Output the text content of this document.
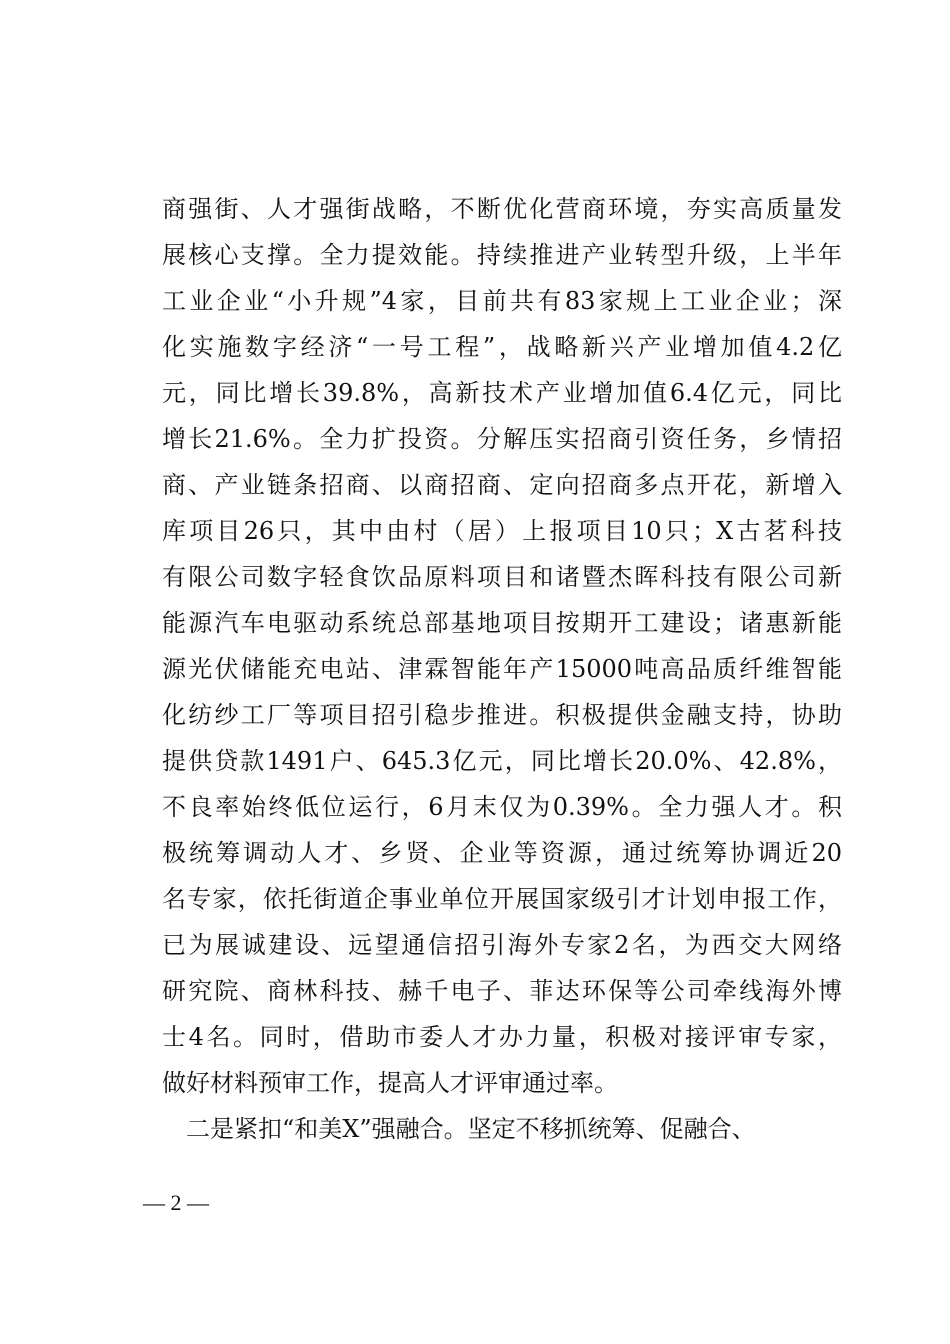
商强街、人才强街战略，不断优化营商环境，夯实高质量发
展核心支撑。全力提效能。持续推进产业转型升级，上半年
工业企业“小升规”4家，目前共有83家规上工业企业；深
化实施数字经济“一号工程”，战略新兴产业增加值4.2亿
元，同比增长39.8%，高新技术产业增加值6.4亿元，同比
增长21.6%。全力扩投资。分解压实招商引资任务，乡情招
商、产业链条招商、以商招商、定向招商多点开花，新增入
库项目26只，其中由村（居）上报项目10只；X古茗科技
有限公司数字轻食饮品原料项目和诸暨杰晖科技有限公司新
能源汽车电驱动系统总部基地项目按期开工建设；诸惠新能
源光伏储能充电站、津霖智能年产15000吨高品质纤维智能
化纺纱工厂等项目招引稳步推进。积极提供金融支持，协助
提供贷款1491户、645.3亿元，同比增长20.0%、42.8%，
不良率始终低位运行，6月末仅为0.39%。全力强人才。积
极统筹调动人才、乡贤、企业等资源，通过统筹协调近20
名专家，依托街道企事业单位开展国家级引才计划申报工作，
已为展诚建设、远望通信招引海外专家2名，为西交大网络
研究院、商林科技、赫千电子、菲达环保等公司牵线海外博
士4名。同时，借助市委人才办力量，积极对接评审专家，
做好材料预审工作，提高人才评审通过率。
二是紧扣“和美X”强融合。坚定不移抓统筹、促融合、
— 2 —
